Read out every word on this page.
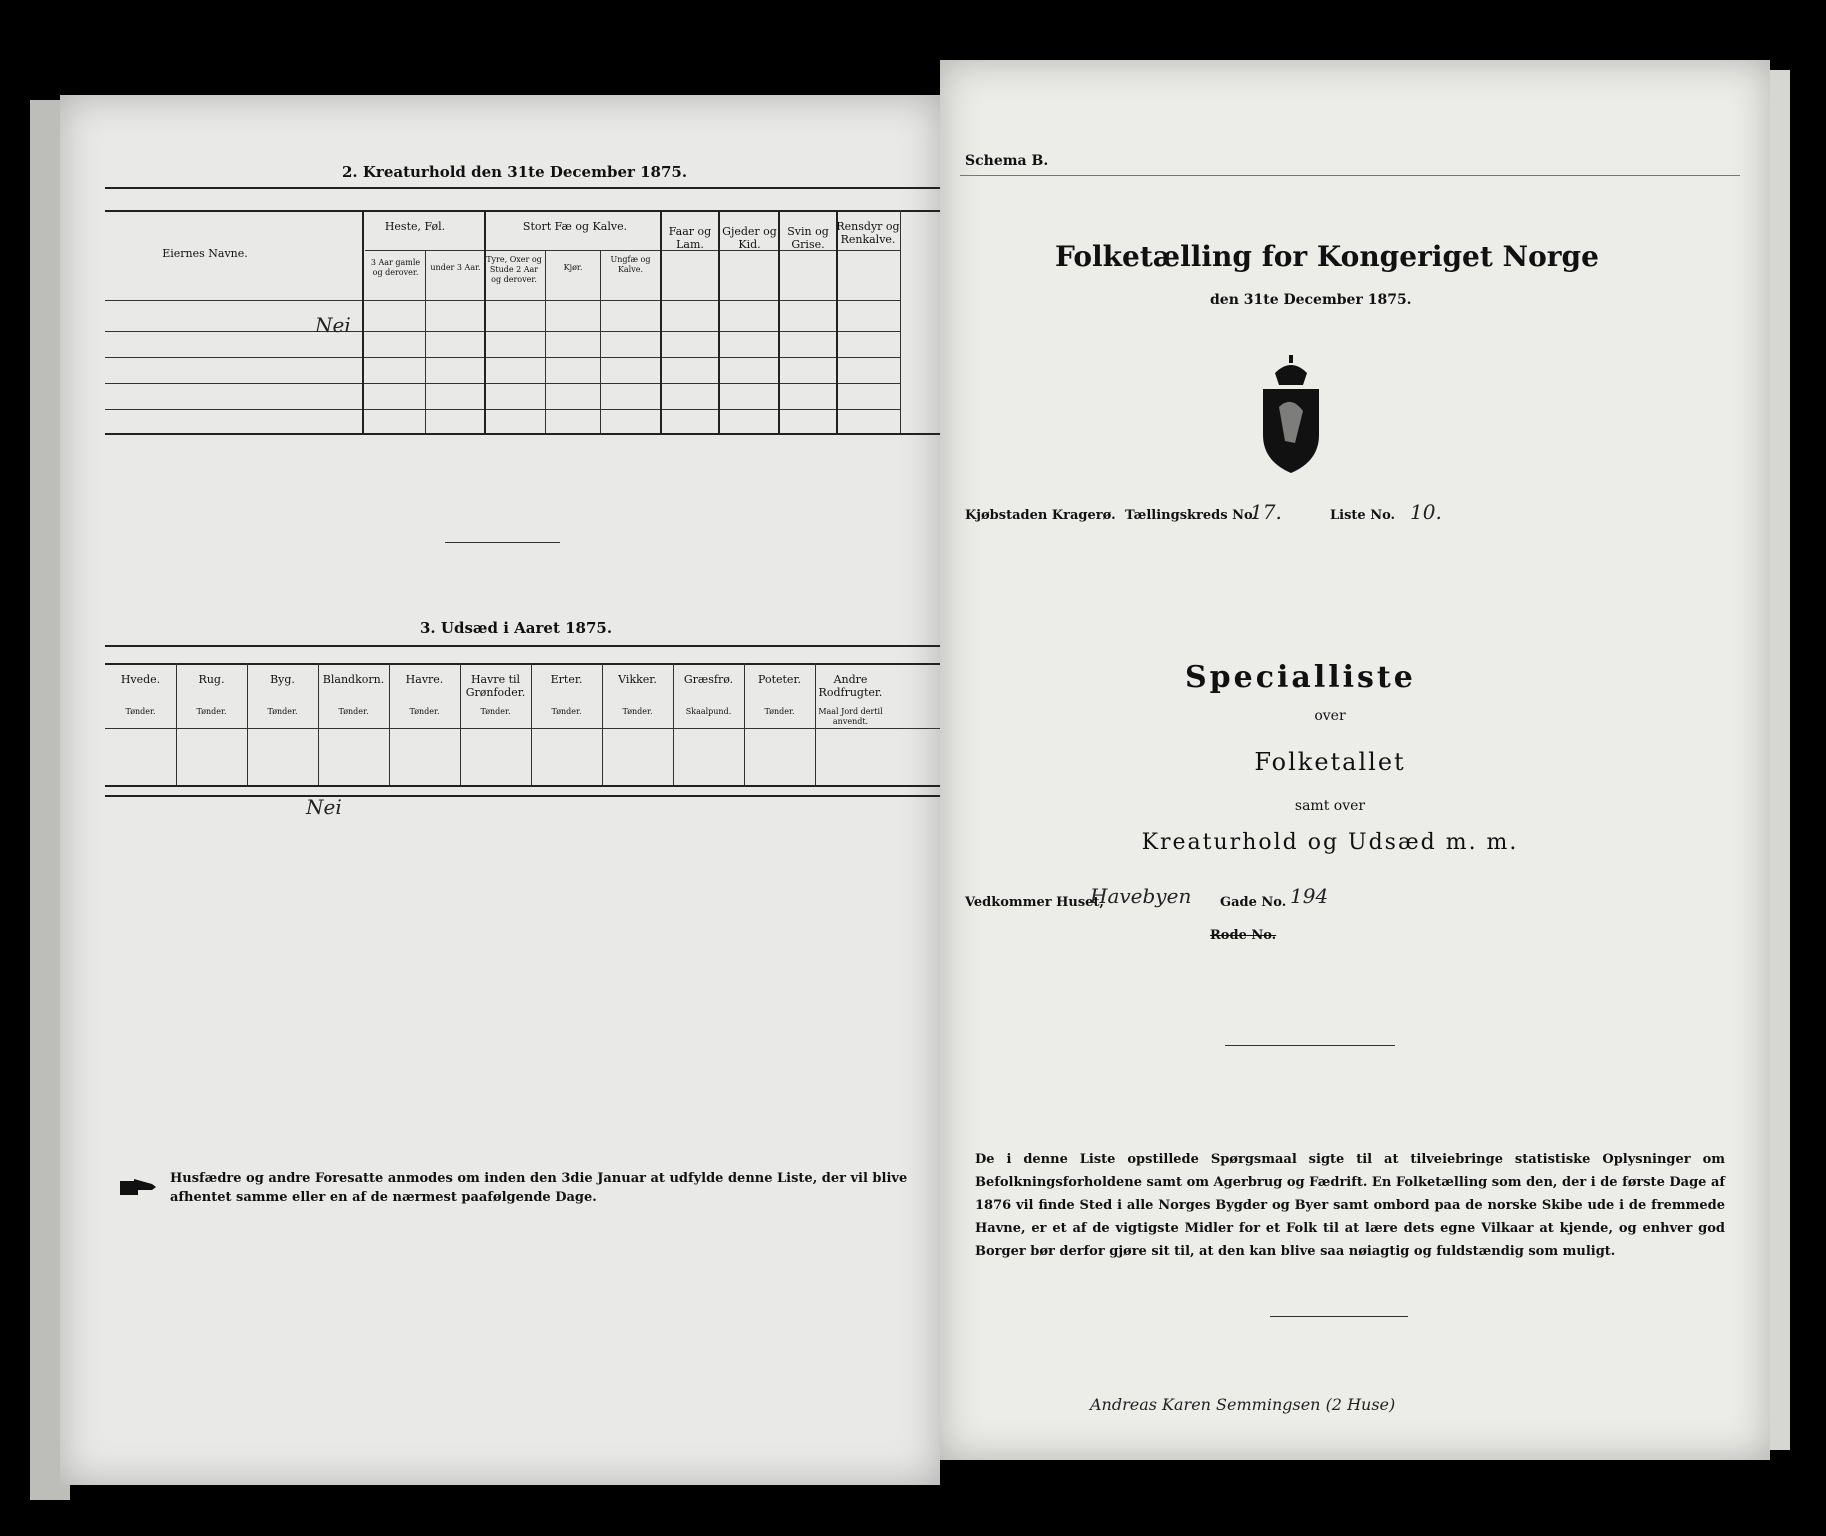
2. Kreaturhold den 31te December 1875.
Eiernes Navne.
Heste, Føl.
3 Aar gamle og derover.
under 3 Aar.
Stort Fæ og Kalve.
Tyre, Oxer og Stude 2 Aar og derover.
Kjør.
Ungfæ og Kalve.
Faar og Lam.
Gjeder og Kid.
Svin og Grise.
Rensdyr og Renkalve.
Nei
3. Udsæd i Aaret 1875.
Hvede.
Tønder.
Rug.
Tønder.
Byg.
Tønder.
Blandkorn.
Tønder.
Havre.
Tønder.
Havre til Grønfoder.
Tønder.
Erter.
Tønder.
Vikker.
Tønder.
Græsfrø.
Skaalpund.
Poteter.
Tønder.
Andre Rodfrugter.
Maal Jord dertil anvendt.
Nei
Husfædre og andre Foresatte anmodes om inden den 3die Januar at udfylde denne Liste, der vil blive afhentet samme eller en af de nærmest paafølgende Dage.
Schema B.
Folketælling for Kongeriget Norge
den 31te December 1875.
Kjøbstaden Kragerø. Tællingskreds No.
17.	Liste No. 10.
Specialliste
over
Folketallet
samt over
Kreaturhold og Udsæd m. m.
Vedkommer Huset,
Havebyen Gade No. 194
Rode No.
De i denne Liste opstillede Spørgsmaal sigte til at tilveiebringe statistiske Oplysninger om Befolkningsforholdene samt om Agerbrug og Fædrift. En Folketælling som den, der i de første Dage af 1876 vil finde Sted i alle Norges Bygder og Byer samt ombord paa de norske Skibe ude i de fremmede Havne, er et af de vigtigste Midler for et Folk til at lære dets egne Vilkaar at kjende, og enhver god Borger bør derfor gjøre sit til, at den kan blive saa nøiagtig og fuldstændig som muligt.
Andreas Karen Semmingsen (2 Huse)
